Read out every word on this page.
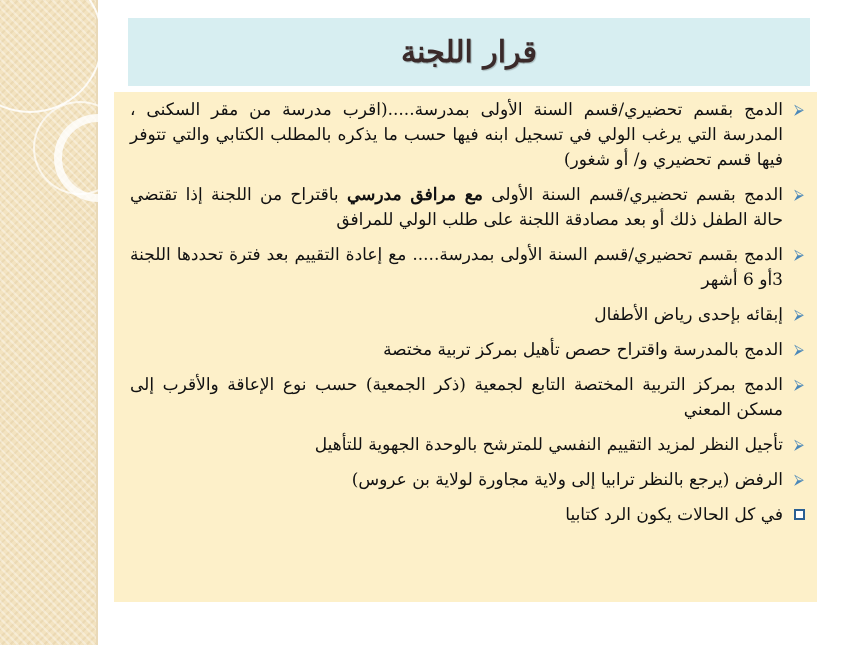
قرار اللجنة
⮚
الدمج بقسم تحضيري/قسم السنة الأولى بمدرسة.....(اقرب مدرسة من مقر السكنى ، المدرسة التي يرغب الولي في تسجيل ابنه فيها حسب ما يذكره بالمطلب الكتابي والتي تتوفر فيها قسم تحضيري و/ أو شغور)
⮚
الدمج بقسم تحضيري/قسم السنة الأولى مع مرافق مدرسي باقتراح من اللجنة إذا تقتضي حالة الطفل ذلك أو بعد مصادقة اللجنة على طلب الولي للمرافق
⮚
الدمج بقسم تحضيري/قسم السنة الأولى بمدرسة..... مع إعادة التقييم بعد فترة تحددها اللجنة 3أو 6 أشهر
⮚
إبقائه بإحدى رياض الأطفال
⮚
الدمج بالمدرسة واقتراح حصص تأهيل بمركز تربية مختصة
⮚
الدمج بمركز التربية المختصة التابع لجمعية (ذكر الجمعية) حسب نوع الإعاقة والأقرب إلى مسكن المعني
⮚
تأجيل النظر لمزيد التقييم النفسي للمترشح بالوحدة الجهوية للتأهيل
⮚
الرفض (يرجع بالنظر ترابيا إلى ولاية مجاورة لولاية بن عروس)
في كل الحالات يكون الرد كتابيا
